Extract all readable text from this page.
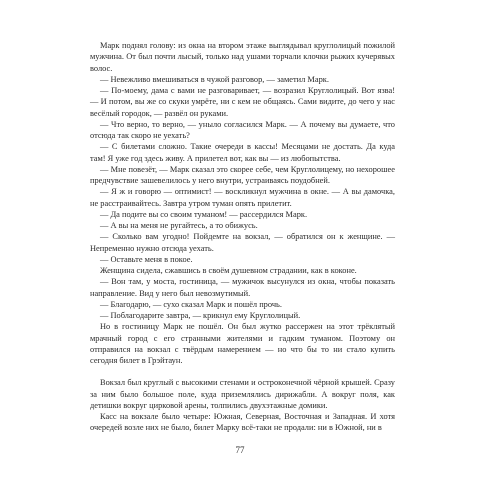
Марк поднял голову: из окна на втором этаже выглядывал круглолицый пожилой мужчина. От был почти лысый, только над ушами торчали клочки рыжих кучерявых волос.

— Невежливо вмешиваться в чужой разговор, — заметил Марк.

— По-моему, дама с вами не разговаривает, — возразил Круглолицый. Вот язва! — И потом, вы же со скуки умрёте, ни с кем не общаясь. Сами видите, до чего у нас весёлый городок, — развёл он руками.

— Что верно, то верно, — уныло согласился Марк. — А почему вы думаете, что отсюда так скоро не уехать?

— С билетами сложно. Такие очереди в кассы! Месяцами не достать. Да куда там! Я уже год здесь живу. А прилетел вот, как вы — из любопытства.

— Мне повезёт, — Марк сказал это скорее себе, чем Круглолицему, но нехорошее предчувствие зашевелилось у него внутри, устраиваясь поудобней.

— Я ж и говорю — оптимист! — воскликнул мужчина в окне. — А вы дамочка, не расстраивайтесь. Завтра утром туман опять прилетит.

— Да подите вы со своим туманом! — рассердился Марк.

— А вы на меня не ругайтесь, а то обижусь.

— Сколько вам угодно! Пойдемте на вокзал, — обратился он к женщине. — Непременно нужно отсюда уехать.

— Оставьте меня в покое.

Женщина сидела, сжавшись в своём душевном страдании, как в коконе.

— Вон там, у моста, гостиница, — мужичок высунулся из окна, чтобы показать направление. Вид у него был невозмутимый.

— Благодарю, — сухо сказал Марк и пошёл прочь.

— Поблагодарите завтра, — крикнул ему Круглолицый.

Но в гостиницу Марк не пошёл. Он был жутко рассержен на этот трёклятый мрачный город с его странными жителями и гадким туманом. Поэтому он отправился на вокзал с твёрдым намерением — но что бы то ни стало купить сегодня билет в Грэйтаун.

Вокзал был круглый с высокими стенами и остроконечной чёрной крышей. Сразу за ним было большое поле, куда приземлялись дирижабли. А вокруг поля, как детишки вокруг цирковой арены, толпились двухэтажные домики.

Касс на вокзале было четыре: Южная, Северная, Восточная и Западная. И хотя очередей возле них не было, билет Марку всё-таки не продали: ни в Южной, ни в

77
